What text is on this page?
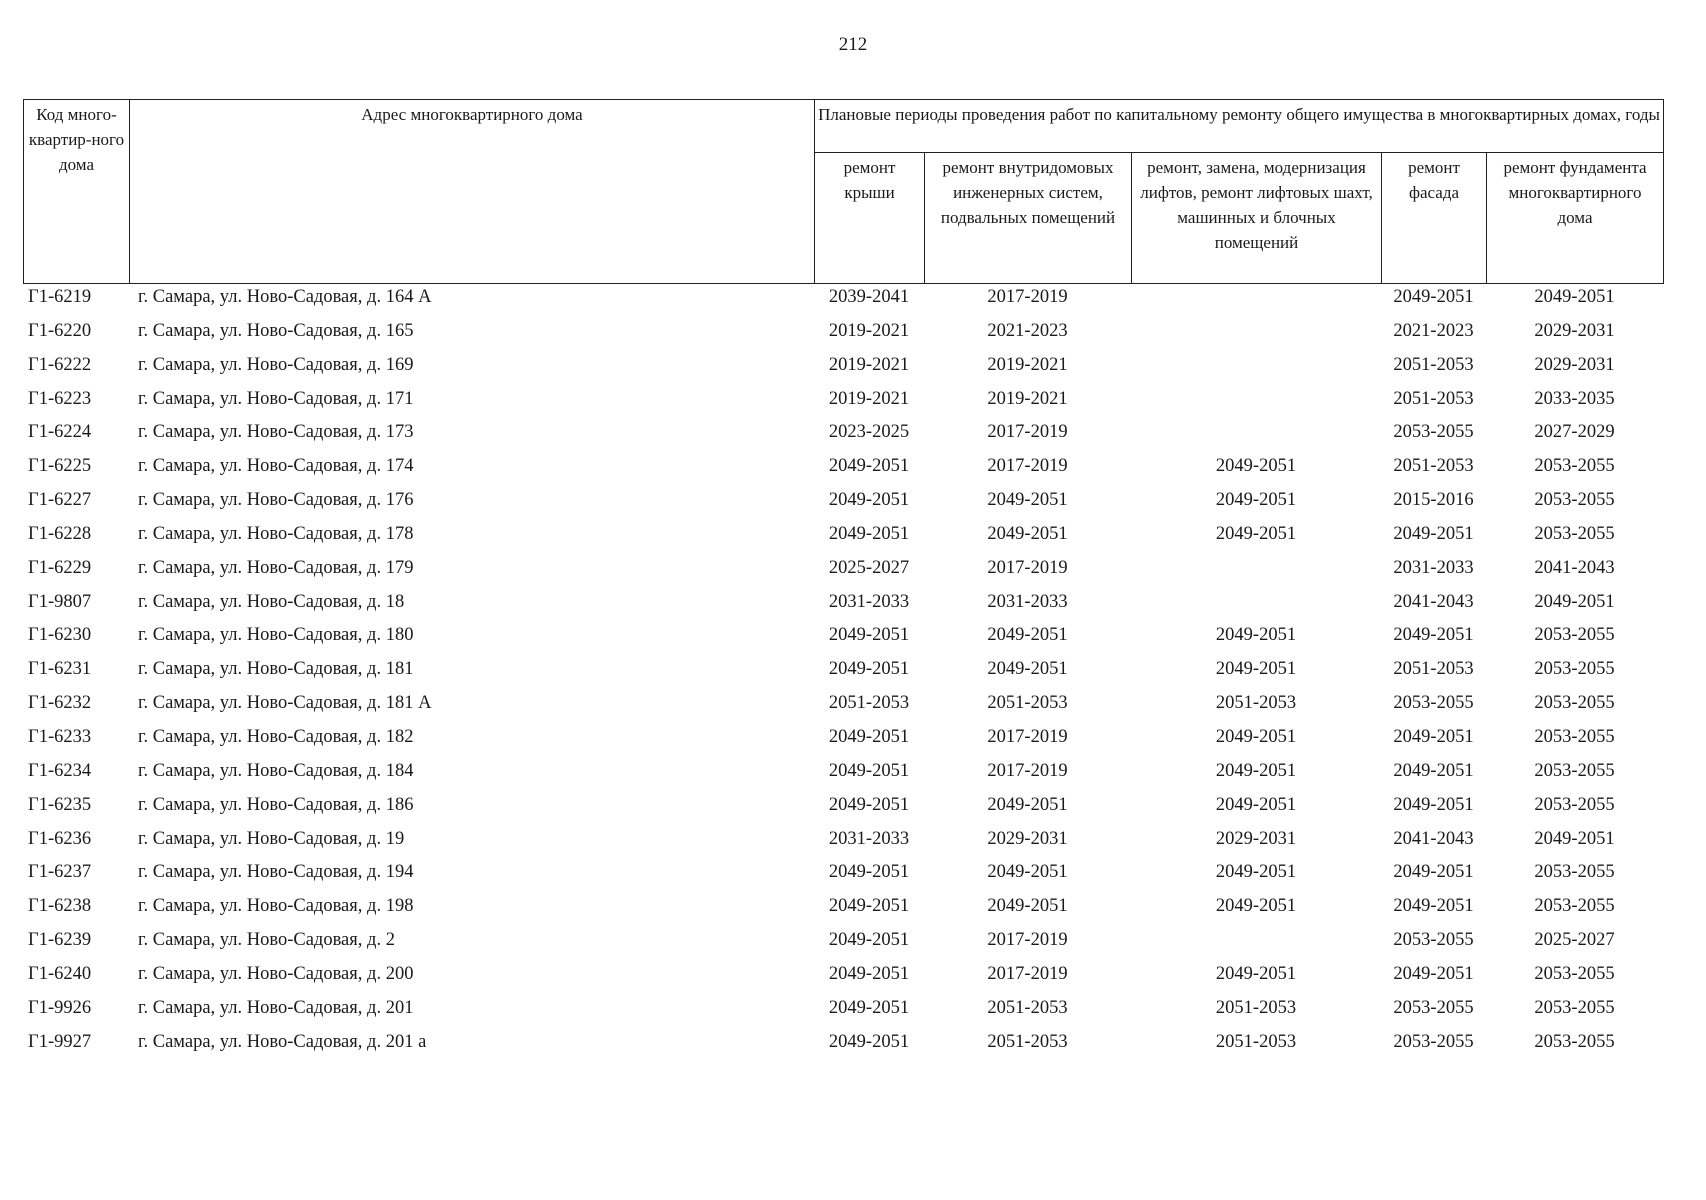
212
Код много-квартир-ного дома	Адрес многоквартирного дома	Плановые периоды проведения работ по капитальному ремонту общего имущества в многоквартирных домах, годы				
		ремонт крыши	ремонт внутридомовых инженерных систем, подвальных помещений	ремонт, замена, модернизация лифтов, ремонт лифтовых шахт, машинных и блочных помещений	ремонт фасада	ремонт фундамента многоквартирного дома
Г1-6219	г. Самара, ул. Ново-Садовая, д. 164 А	2039-2041	2017-2019		2049-2051	2049-2051
Г1-6220	г. Самара, ул. Ново-Садовая, д. 165	2019-2021	2021-2023		2021-2023	2029-2031
Г1-6222	г. Самара, ул. Ново-Садовая, д. 169	2019-2021	2019-2021		2051-2053	2029-2031
Г1-6223	г. Самара, ул. Ново-Садовая, д. 171	2019-2021	2019-2021		2051-2053	2033-2035
Г1-6224	г. Самара, ул. Ново-Садовая, д. 173	2023-2025	2017-2019		2053-2055	2027-2029
Г1-6225	г. Самара, ул. Ново-Садовая, д. 174	2049-2051	2017-2019	2049-2051	2051-2053	2053-2055
Г1-6227	г. Самара, ул. Ново-Садовая, д. 176	2049-2051	2049-2051	2049-2051	2015-2016	2053-2055
Г1-6228	г. Самара, ул. Ново-Садовая, д. 178	2049-2051	2049-2051	2049-2051	2049-2051	2053-2055
Г1-6229	г. Самара, ул. Ново-Садовая, д. 179	2025-2027	2017-2019		2031-2033	2041-2043
Г1-9807	г. Самара, ул. Ново-Садовая, д. 18	2031-2033	2031-2033		2041-2043	2049-2051
Г1-6230	г. Самара, ул. Ново-Садовая, д. 180	2049-2051	2049-2051	2049-2051	2049-2051	2053-2055
Г1-6231	г. Самара, ул. Ново-Садовая, д. 181	2049-2051	2049-2051	2049-2051	2051-2053	2053-2055
Г1-6232	г. Самара, ул. Ново-Садовая, д. 181 А	2051-2053	2051-2053	2051-2053	2053-2055	2053-2055
Г1-6233	г. Самара, ул. Ново-Садовая, д. 182	2049-2051	2017-2019	2049-2051	2049-2051	2053-2055
Г1-6234	г. Самара, ул. Ново-Садовая, д. 184	2049-2051	2017-2019	2049-2051	2049-2051	2053-2055
Г1-6235	г. Самара, ул. Ново-Садовая, д. 186	2049-2051	2049-2051	2049-2051	2049-2051	2053-2055
Г1-6236	г. Самара, ул. Ново-Садовая, д. 19	2031-2033	2029-2031	2029-2031	2041-2043	2049-2051
Г1-6237	г. Самара, ул. Ново-Садовая, д. 194	2049-2051	2049-2051	2049-2051	2049-2051	2053-2055
Г1-6238	г. Самара, ул. Ново-Садовая, д. 198	2049-2051	2049-2051	2049-2051	2049-2051	2053-2055
Г1-6239	г. Самара, ул. Ново-Садовая, д. 2	2049-2051	2017-2019		2053-2055	2025-2027
Г1-6240	г. Самара, ул. Ново-Садовая, д. 200	2049-2051	2017-2019	2049-2051	2049-2051	2053-2055
Г1-9926	г. Самара, ул. Ново-Садовая, д. 201	2049-2051	2051-2053	2051-2053	2053-2055	2053-2055
Г1-9927	г. Самара, ул. Ново-Садовая, д. 201 а	2049-2051	2051-2053	2051-2053	2053-2055	2053-2055
